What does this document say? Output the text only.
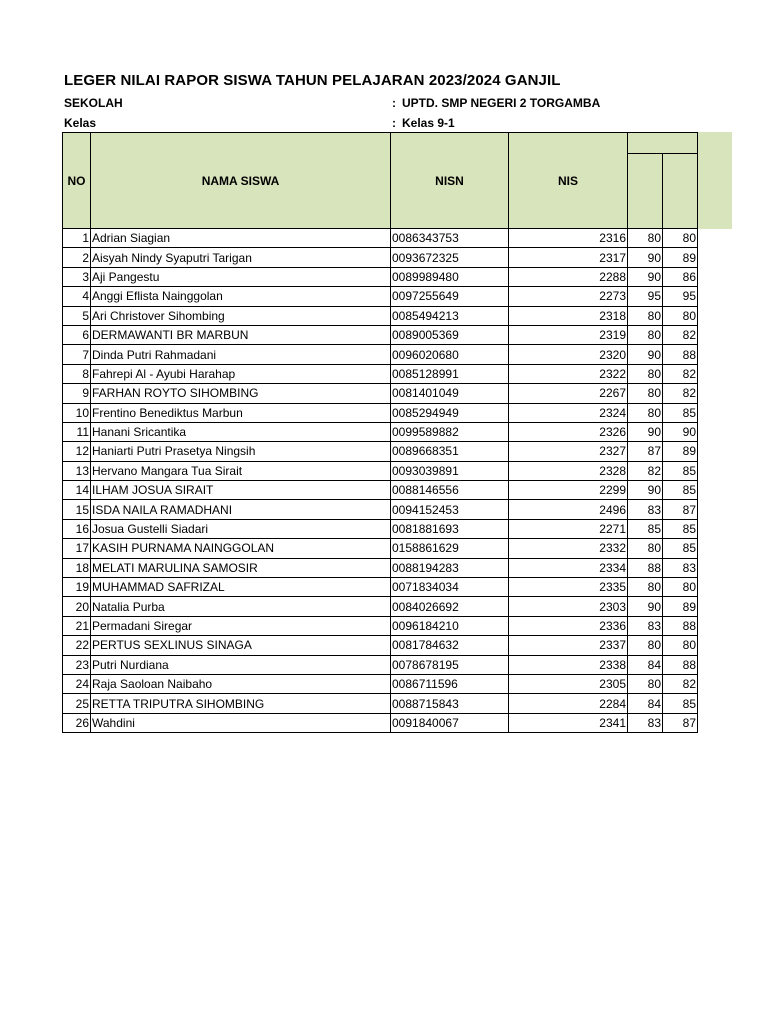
LEGER NILAI RAPOR SISWA TAHUN PELAJARAN 2023/2024 GANJIL
SEKOLAH	: UPTD. SMP NEGERI 2 TORGAMBA
Kelas	: Kelas 9-1
NO	NAMA SISWA	NISN	NIS		

1	Adrian Siagian	0086343753	2316	80	80
2	Aisyah Nindy Syaputri Tarigan	0093672325	2317	90	89
3	Aji Pangestu	0089989480	2288	90	86
4	Anggi Eflista Nainggolan	0097255649	2273	95	95
5	Ari Christover Sihombing	0085494213	2318	80	80
6	DERMAWANTI BR MARBUN	0089005369	2319	80	82
7	Dinda Putri Rahmadani	0096020680	2320	90	88
8	Fahrepi Al - Ayubi Harahap	0085128991	2322	80	82
9	FARHAN ROYTO SIHOMBING	0081401049	2267	80	82
10	Frentino Benediktus Marbun	0085294949	2324	80	85
11	Hanani Sricantika	0099589882	2326	90	90
12	Haniarti Putri Prasetya Ningsih	0089668351	2327	87	89
13	Hervano Mangara Tua Sirait	0093039891	2328	82	85
14	ILHAM JOSUA SIRAIT	0088146556	2299	90	85
15	ISDA NAILA RAMADHANI	0094152453	2496	83	87
16	Josua Gustelli Siadari	0081881693	2271	85	85
17	KASIH PURNAMA NAINGGOLAN	0158861629	2332	80	85
18	MELATI MARULINA SAMOSIR	0088194283	2334	88	83
19	MUHAMMAD SAFRIZAL	0071834034	2335	80	80
20	Natalia Purba	0084026692	2303	90	89
21	Permadani Siregar	0096184210	2336	83	88
22	PERTUS SEXLINUS SINAGA	0081784632	2337	80	80
23	Putri Nurdiana	0078678195	2338	84	88
24	Raja Saoloan Naibaho	0086711596	2305	80	82
25	RETTA TRIPUTRA SIHOMBING	0088715843	2284	84	85
26	Wahdini	0091840067	2341	83	87
